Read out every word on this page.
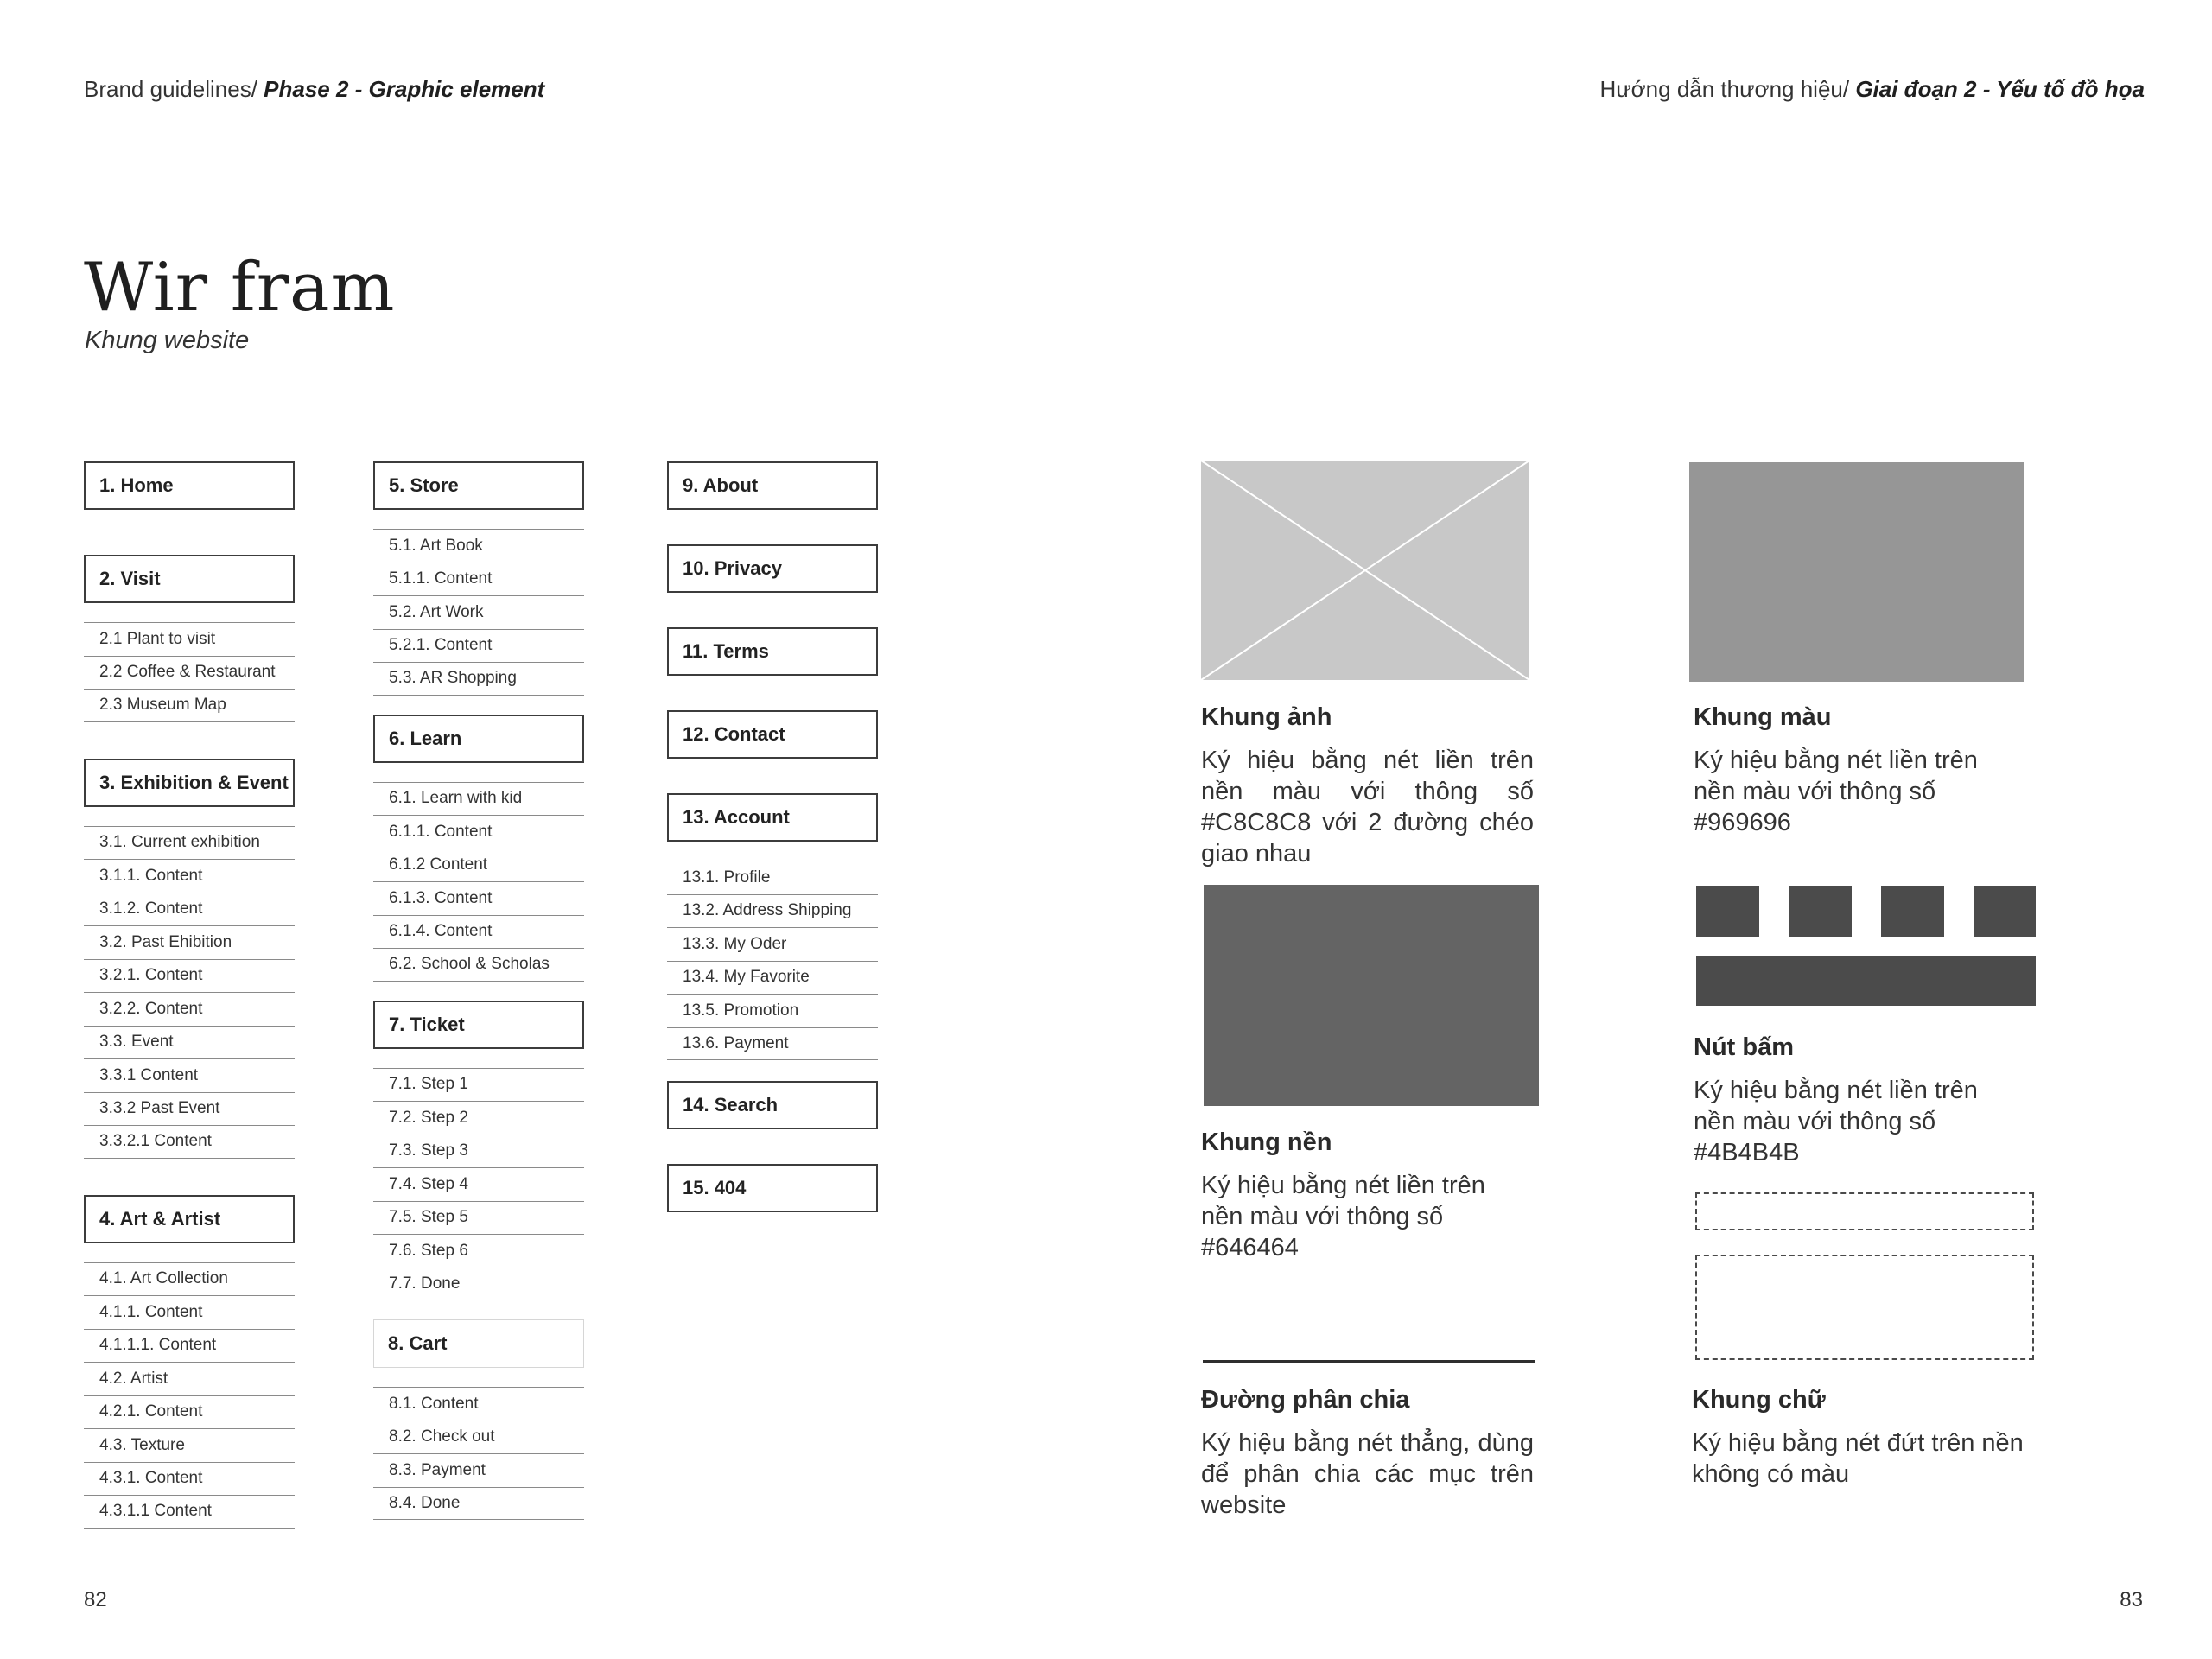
Brand guidelines/ Phase 2 - Graphic element	Hướng dẫn thương hiệu/ Giai đoạn 2 - Yếu tố đồ họa
Wir fram
Khung website
1. Home
2. Visit
2.1 Plant to visit
2.2 Coffee & Restaurant
2.3 Museum Map
3. Exhibition & Event
3.1. Current exhibition
3.1.1. Content
3.1.2. Content
3.2. Past Ehibition
3.2.1. Content
3.2.2. Content
3.3. Event
3.3.1 Content
3.3.2 Past Event
3.3.2.1 Content
4. Art & Artist
4.1. Art Collection
4.1.1. Content
4.1.1.1. Content
4.2. Artist
4.2.1. Content
4.3. Texture
4.3.1. Content
4.3.1.1 Content
5. Store
5.1. Art Book
5.1.1. Content
5.2. Art Work
5.2.1. Content
5.3. AR Shopping
6. Learn
6.1. Learn with kid
6.1.1. Content
6.1.2 Content
6.1.3. Content
6.1.4. Content
6.2. School & Scholas
7. Ticket
7.1. Step 1
7.2. Step 2
7.3. Step 3
7.4. Step 4
7.5. Step 5
7.6. Step 6
7.7. Done
8. Cart
8.1. Content
8.2. Check out
8.3. Payment
8.4. Done
9. About
10. Privacy
11. Terms
12. Contact
13. Account
13.1. Profile
13.2. Address Shipping
13.3. My Oder
13.4. My Favorite
13.5. Promotion
13.6. Payment
14. Search
15. 404
Khung ảnh
Ký hiệu bằng nét liền trên nền màu với thông số #C8C8C8 với 2 đường chéo giao nhau
Khung màu
Ký hiệu bằng nét liền trên nền màu với thông số #969696
Khung nền
Ký hiệu bằng nét liền trên nền màu với thông số #646464
Nút bấm
Ký hiệu bằng nét liền trên nền màu với thông số #4B4B4B
Đường phân chia
Ký hiệu bằng nét thẳng, dùng để phân chia các mục trên website
Khung chữ
Ký hiệu bằng nét đứt trên nền không có màu
82	83
